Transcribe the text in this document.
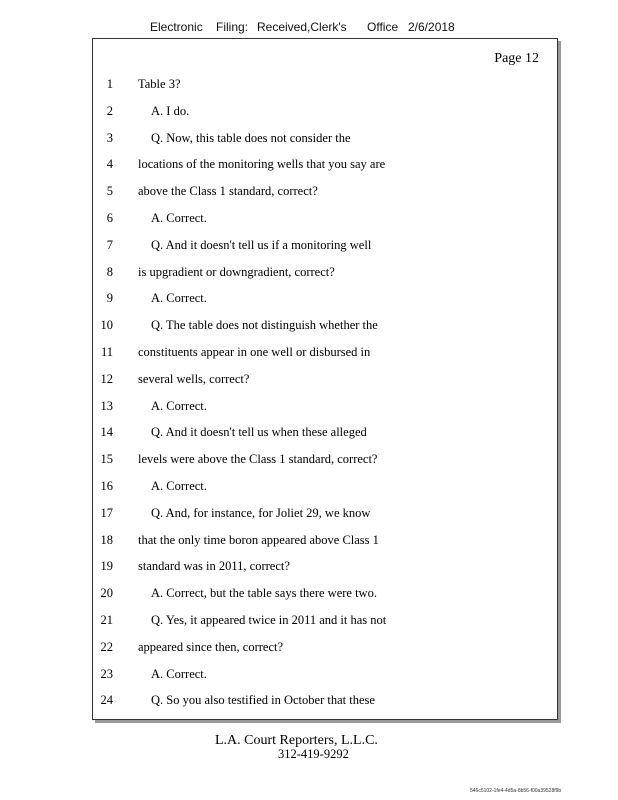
Electronic Filing: Received,Clerk's Office 2/6/2018
Page 12
1 Table 3?
2	A. I do.
3	Q. Now, this table does not consider the
4 locations of the monitoring wells that you say are
5 above the Class 1 standard, correct?
6	A. Correct.
7	Q. And it doesn't tell us if a monitoring well
8 is upgradient or downgradient, correct?
9	A. Correct.
10	Q. The table does not distinguish whether the
11 constituents appear in one well or disbursed in
12 several wells, correct?
13	A. Correct.
14	Q. And it doesn't tell us when these alleged
15 levels were above the Class 1 standard, correct?
16	A. Correct.
17	Q. And, for instance, for Joliet 29, we know
18 that the only time boron appeared above Class 1
19 standard was in 2011, correct?
20	A. Correct, but the table says there were two.
21	Q. Yes, it appeared twice in 2011 and it has not
22 appeared since then, correct?
23	A. Correct.
24	Q. So you also testified in October that these
L.A. Court Reporters, L.L.C.
312-419-9292
546c5102-1fe4-4d5a-8b56-f00a39528f9b
